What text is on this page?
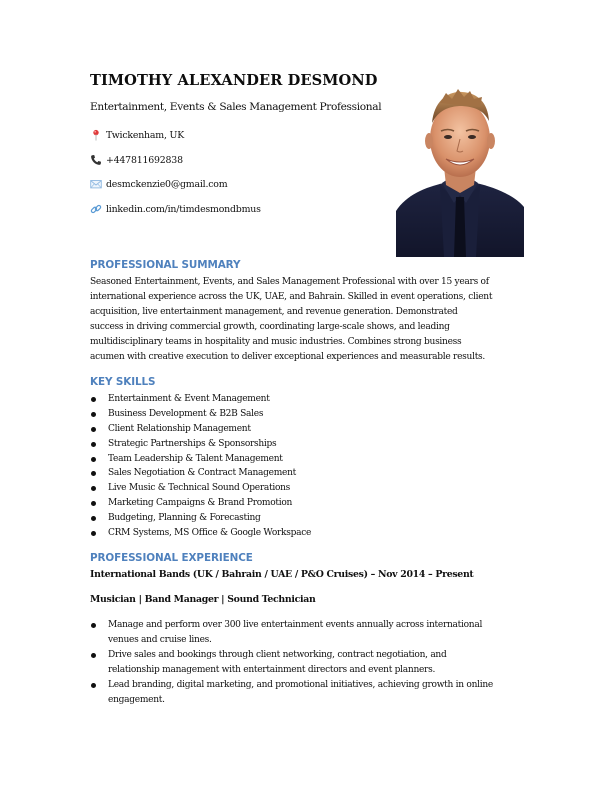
TIMOTHY ALEXANDER DESMOND
Entertainment, Events & Sales Management Professional
Twickenham, UK
+447811692838
desmckenzie0@gmail.com
linkedin.com/in/timdesmondbmus
PROFESSIONAL SUMMARY
Seasoned Entertainment, Events, and Sales Management Professional with over 15 years of
international experience across the UK, UAE, and Bahrain. Skilled in event operations, client
acquisition, live entertainment management, and revenue generation. Demonstrated
success in driving commercial growth, coordinating large-scale shows, and leading
multidisciplinary teams in hospitality and music industries. Combines strong business
acumen with creative execution to deliver exceptional experiences and measurable results.
KEY SKILLS
Entertainment & Event Management
Business Development & B2B Sales
Client Relationship Management
Strategic Partnerships & Sponsorships
Team Leadership & Talent Management
Sales Negotiation & Contract Management
Live Music & Technical Sound Operations
Marketing Campaigns & Brand Promotion
Budgeting, Planning & Forecasting
CRM Systems, MS Office & Google Workspace
PROFESSIONAL EXPERIENCE
International Bands (UK / Bahrain / UAE / P&O Cruises) – Nov 2014 – Present
Musician | Band Manager | Sound Technician
Manage and perform over 300 live entertainment events annually across international
venues and cruise lines.
Drive sales and bookings through client networking, contract negotiation, and
relationship management with entertainment directors and event planners.
Lead branding, digital marketing, and promotional initiatives, achieving growth in online
engagement.
